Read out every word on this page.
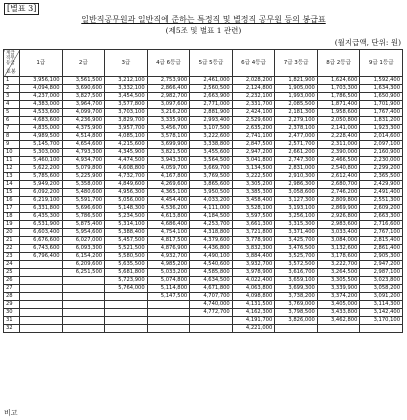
[별표 3]
일반직공무원과 일반직에 준하는 특정직 및 별정직 공무원 등의 봉급표
(제5조 및 별표 1 관련)
(월지급액, 단위: 원)
계급 직무등급
호봉	1급	2급	3급	4급 6등급	5급 5등급	6급 4등급	7급 3등급	8급 2등급	9급 1등급
1	3,956,100	3,561,500	3,212,100	2,753,900	2,461,000	2,028,200	1,821,900	1,624,600	1,592,400
2	4,094,800	3,690,600	3,332,100	2,866,400	2,560,500	2,124,800	1,905,000	1,703,300	1,634,300
3	4,237,000	3,827,500	3,454,500	2,982,700	2,663,900	2,232,100	1,993,000	1,786,500	1,650,900
4	4,383,000	3,964,700	3,577,800	3,097,600	2,771,000	2,331,700	2,085,500	1,871,400	1,701,900
5	4,533,600	4,099,700	3,703,100	3,216,200	2,881,900	2,424,100	2,181,300	1,958,600	1,767,400
6	4,683,600	4,236,900	3,829,700	3,335,900	2,993,400	2,529,600	2,279,100	2,050,800	1,831,200
7	4,835,000	4,375,900	3,957,700	3,456,700	3,107,500	2,635,200	2,378,100	2,141,000	1,923,300
8	4,989,500	4,514,800	4,085,100	3,578,100	3,222,600	2,741,100	2,477,000	2,228,400	2,014,600
9	5,145,700	4,654,600	4,215,600	3,699,900	3,338,800	2,847,500	2,571,700	2,311,000	2,097,100
10	5,303,000	4,793,300	4,345,900	3,821,500	3,455,600	2,947,200	2,661,200	2,390,000	2,160,900
11	5,460,100	4,934,700	4,474,500	3,943,300	3,564,500	3,041,800	2,747,300	2,466,500	2,230,000
12	5,622,200	5,079,800	4,608,800	4,059,700	3,669,700	3,134,500	2,831,000	2,540,800	2,299,200
13	5,785,600	5,225,900	4,732,700	4,167,800	3,769,500	3,222,500	2,910,300	2,612,400	2,365,500
14	5,949,200	5,358,000	4,849,600	4,269,600	3,865,600	3,305,200	2,986,300	2,680,700	2,429,900
15	6,092,200	5,480,600	4,956,300	4,365,100	3,950,500	3,385,300	3,058,600	2,746,200	2,491,400
16	6,219,100	5,591,700	5,056,000	4,454,400	4,033,200	3,458,400	3,127,300	2,809,800	2,551,300
17	6,331,800	5,696,600	5,148,300	4,536,200	4,111,000	3,528,100	3,193,100	2,869,900	2,609,200
18	6,435,300	5,786,500	5,234,500	4,613,800	4,184,500	3,597,500	3,256,100	2,926,800	2,663,300
19	6,531,900	5,875,400	5,314,100	4,686,400	4,253,700	3,661,300	3,315,300	2,983,600	2,716,600
20	6,603,400	5,954,600	5,388,400	4,754,100	4,318,800	3,721,800	3,371,400	3,033,400	2,767,100
21	6,676,600	6,027,000	5,457,500	4,817,500	4,379,600	3,778,900	3,425,700	3,084,000	2,815,400
22	6,743,600	6,093,300	5,521,500	4,876,900	4,436,800	3,832,300	3,476,500	3,132,600	2,861,400
23	6,796,400	6,154,200	5,580,500	4,932,700	4,490,100	3,884,400	3,525,700	3,178,600	2,905,300
24		6,209,600	5,635,500	4,985,200	4,540,600	3,932,700	3,572,500	3,222,700	2,947,200
25		6,251,500	5,681,800	5,033,200	4,585,800	3,978,900	3,616,700	3,264,500	2,987,100
26			5,723,900	5,074,800	4,634,500	4,022,400	3,659,100	3,305,500	3,023,800
27			5,764,000	5,114,800	4,671,800	4,063,800	3,699,300	3,339,900	3,058,200
28				5,147,500	4,707,700	4,098,800	3,738,200	3,374,200	3,091,200
29					4,740,000	4,131,500	3,769,000	3,405,000	3,114,300
30					4,772,700	4,162,300	3,798,500	3,433,800	3,142,400
31						4,191,700	3,826,000	3,462,800	3,170,100
32						4,221,000			
비고
